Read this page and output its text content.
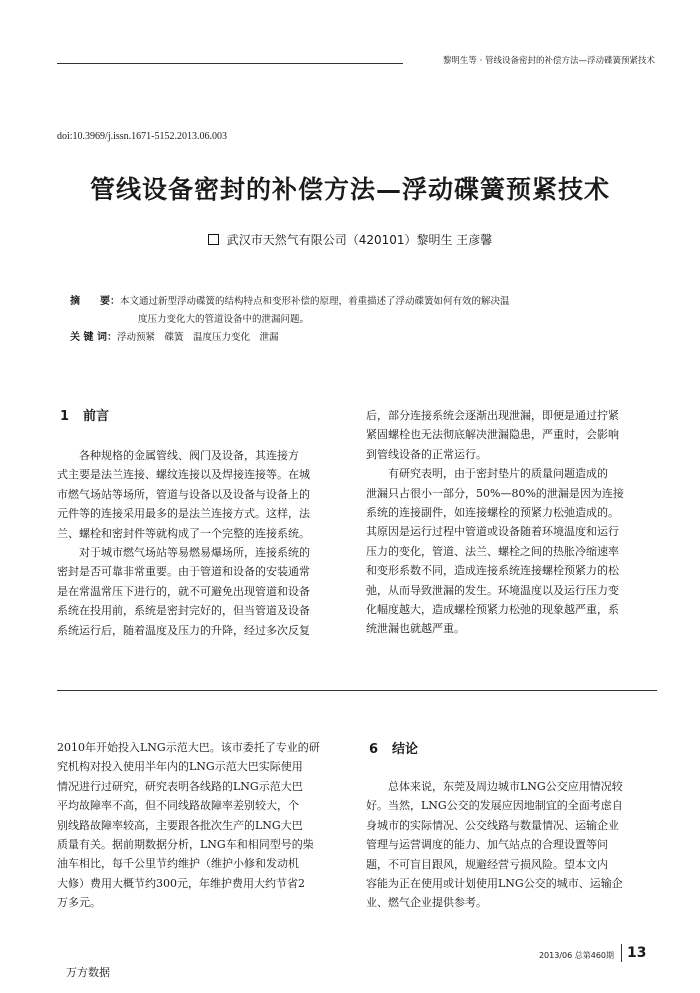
黎明生等 · 管线设备密封的补偿方法—浮动碟簧预紧技术
doi:10.3969/j.issn.1671-5152.2013.06.003
管线设备密封的补偿方法—浮动碟簧预紧技术
武汉市天然气有限公司（420101）黎明生 王彦馨
摘　　要：本文通过新型浮动碟簧的结构特点和变形补偿的原理，着重描述了浮动碟簧如何有效的解决温
度压力变化大的管道设备中的泄漏问题。
关 键 词：浮动预紧　碟簧　温度压力变化　泄漏
1 前言

各种规格的金属管线、阀门及设备，其连接方

式主要是法兰连接、螺纹连接以及焊接连接等。在城

市燃气场站等场所，管道与设备以及设备与设备上的

元件等的连接采用最多的是法兰连接方式。这样，法

兰、螺栓和密封件等就构成了一个完整的连接系统。

对于城市燃气场站等易燃易爆场所，连接系统的

密封是否可靠非常重要。由于管道和设备的安装通常

是在常温常压下进行的，就不可避免出现管道和设备

系统在投用前，系统是密封完好的，但当管道及设备

系统运行后，随着温度及压力的升降，经过多次反复

后，部分连接系统会逐渐出现泄漏，即便是通过拧紧

紧固螺栓也无法彻底解决泄漏隐患，严重时，会影响

到管线设备的正常运行。

有研究表明，由于密封垫片的质量问题造成的

泄漏只占很小一部分，50%—80%的泄漏是因为连接

系统的连接副件，如连接螺栓的预紧力松弛造成的。

其原因是运行过程中管道或设备随着环境温度和运行

压力的变化，管道、法兰、螺栓之间的热胀冷缩速率

和变形系数不同，造成连接系统连接螺栓预紧力的松

弛，从而导致泄漏的发生。环境温度以及运行压力变

化幅度越大，造成螺栓预紧力松弛的现象越严重，系

统泄漏也就越严重。

2010年开始投入LNG示范大巴。该市委托了专业的研

究机构对投入使用半年内的LNG示范大巴实际使用

情况进行过研究，研究表明各线路的LNG示范大巴

平均故障率不高，但不同线路故障率差别较大，个

别线路故障率较高，主要跟各批次生产的LNG大巴

质量有关。据前期数据分析，LNG车和相同型号的柴

油车相比，每千公里节约维护（维护小修和发动机

大修）费用大概节约300元，年维护费用大约节省2

万多元。

6 结论

总体来说，东莞及周边城市LNG公交应用情况较

好。当然，LNG公交的发展应因地制宜的全面考虑自

身城市的实际情况、公交线路与数量情况、运输企业

管理与运营调度的能力、加气站点的合理设置等问

题，不可盲目跟风，规避经营亏损风险。望本文内

容能为正在使用或计划使用LNG公交的城市、运输企

业、燃气企业提供参考。

2013/06 总第460期 13
万方数据
